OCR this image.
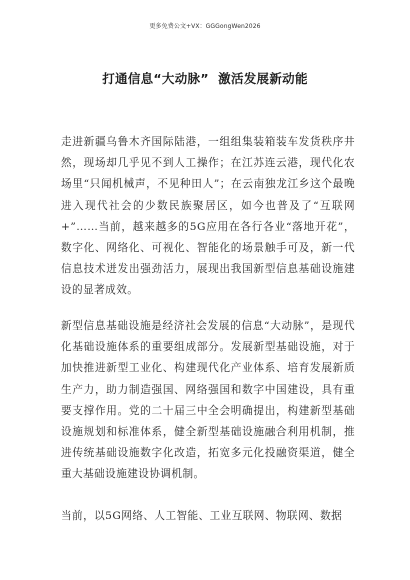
更多免费公文+VX：GGGongWen2026
打通信息“大动脉”  激活发展新动能

走进新疆乌鲁木齐国际陆港，一组组集装箱装车发货秩序井然，现场却几乎见不到人工操作；在江苏连云港，现代化农场里“只闻机械声，不见种田人”；在云南独龙江乡这个最晚进入现代社会的少数民族聚居区，如今也普及了“互联网+”……当前，越来越多的5G应用在各行各业“落地开花”，数字化、网络化、可视化、智能化的场景触手可及，新一代信息技术迸发出强劲活力，展现出我国新型信息基础设施建设的显著成效。

新型信息基础设施是经济社会发展的信息“大动脉”，是现代化基础设施体系的重要组成部分。发展新型基础设施，对于加快推进新型工业化、构建现代化产业体系、培育发展新质生产力，助力制造强国、网络强国和数字中国建设，具有重要支撑作用。党的二十届三中全会明确提出，构建新型基础设施规划和标准体系，健全新型基础设施融合利用机制，推进传统基础设施数字化改造，拓宽多元化投融资渠道，健全重大基础设施建设协调机制。

当前，以5G网络、人工智能、工业互联网、物联网、数据
